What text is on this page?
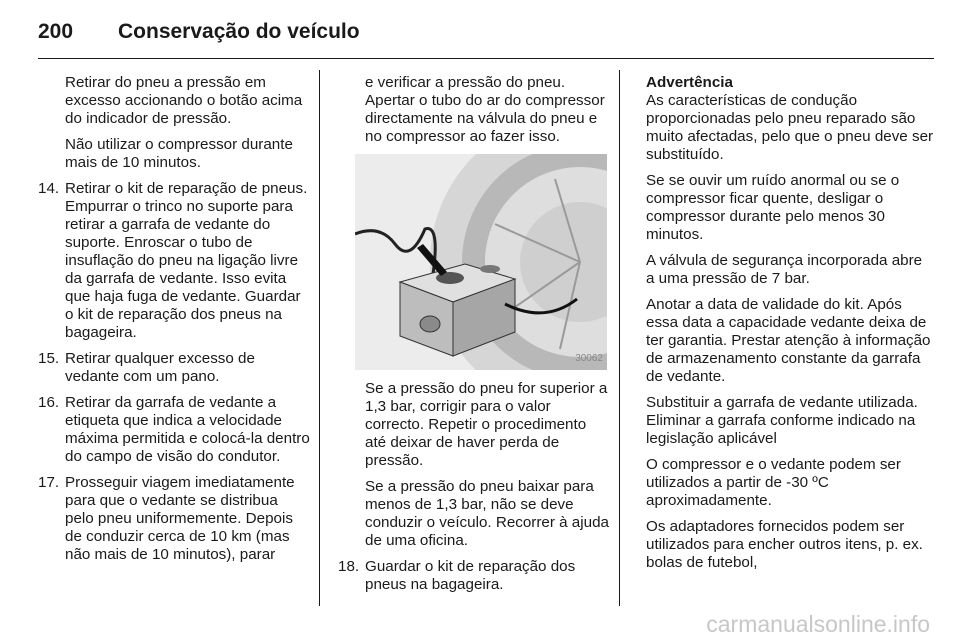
200 Conservação do veículo

Retirar do pneu a pressão em excesso accionando o botão acima do indicador de pressão.

Não utilizar o compressor durante mais de 10 minutos.

14. Retirar o kit de reparação de pneus. Empurrar o trinco no suporte para retirar a garrafa de vedante do suporte. Enroscar o tubo de insuflação do pneu na ligação livre da garrafa de vedante. Isso evita que haja fuga de vedante. Guardar o kit de reparação dos pneus na bagageira.
15. Retirar qualquer excesso de vedante com um pano.
16. Retirar da garrafa de vedante a etiqueta que indica a velocidade máxima permitida e colocá-la dentro do campo de visão do condutor.
17. Prosseguir viagem imediatamente para que o vedante se distribua pelo pneu uniformemente. Depois de conduzir cerca de 10 km (mas não mais de 10 minutos), parar

e verificar a pressão do pneu. Apertar o tubo do ar do compressor directamente na válvula do pneu e no compressor ao fazer isso.

30062

Se a pressão do pneu for superior a 1,3 bar, corrigir para o valor correcto. Repetir o procedimento até deixar de haver perda de pressão.

Se a pressão do pneu baixar para menos de 1,3 bar, não se deve conduzir o veículo. Recorrer à ajuda de uma oficina.

18. Guardar o kit de reparação dos pneus na bagageira.
Advertência

As características de condução proporcionadas pelo pneu reparado são muito afectadas, pelo que o pneu deve ser substituído.

Se se ouvir um ruído anormal ou se o compressor ficar quente, desligar o compressor durante pelo menos 30 minutos.

A válvula de segurança incorporada abre a uma pressão de 7 bar.

Anotar a data de validade do kit. Após essa data a capacidade vedante deixa de ter garantia. Prestar atenção à informação de armazenamento constante da garrafa de vedante.

Substituir a garrafa de vedante utilizada. Eliminar a garrafa conforme indicado na legislação aplicável

O compressor e o vedante podem ser utilizados a partir de -30 ºC aproximadamente.

Os adaptadores fornecidos podem ser utilizados para encher outros itens, p. ex. bolas de futebol,

carmanualsonline.info
